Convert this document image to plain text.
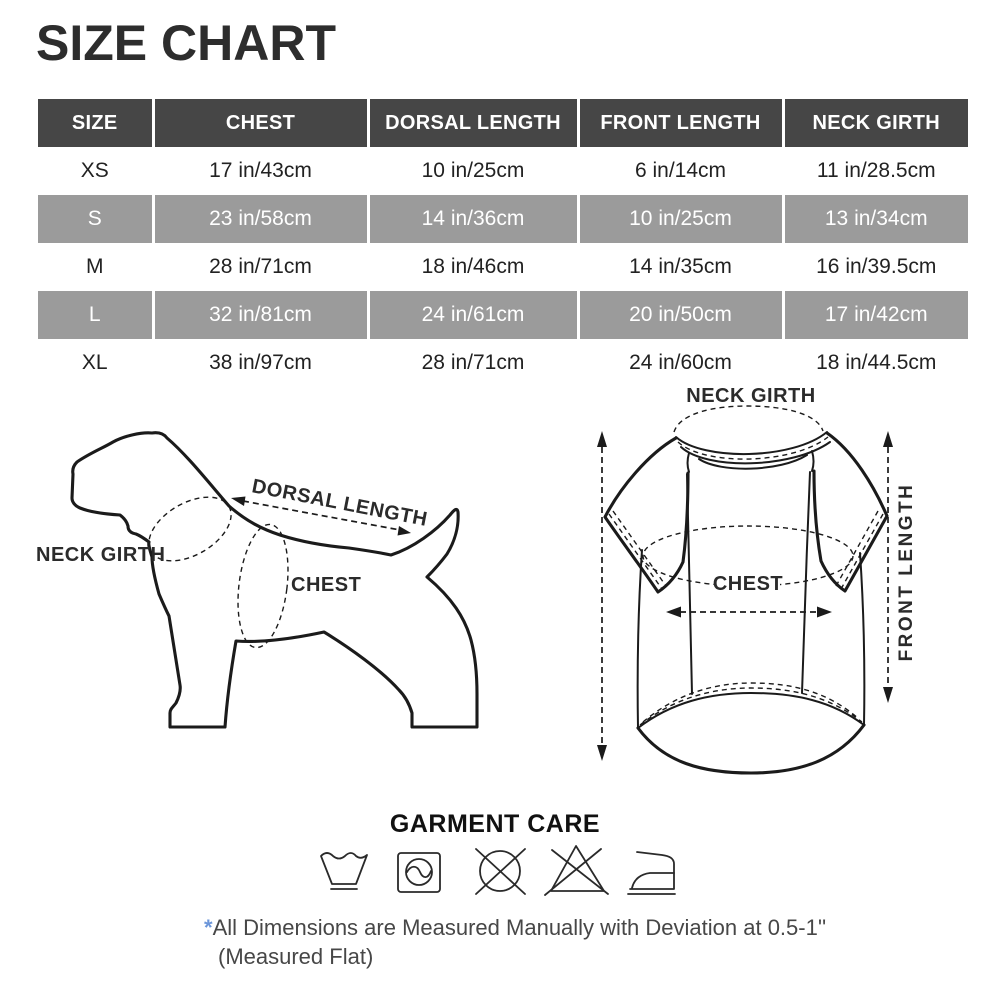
SIZE CHART
SIZE	CHEST	DORSAL LENGTH	FRONT LENGTH	NECK GIRTH
XS	17 in/43cm	10 in/25cm	6 in/14cm	11 in/28.5cm
S	23 in/58cm	14 in/36cm	10 in/25cm	13 in/34cm
M	28 in/71cm	18 in/46cm	14 in/35cm	16 in/39.5cm
L	32 in/81cm	24 in/61cm	20 in/50cm	17 in/42cm
XL	38 in/97cm	28 in/71cm	24 in/60cm	18 in/44.5cm
DORSAL LENGTH
NECK GIRTH
CHEST
NECK GIRTH
CHEST	FRONT LENGTH
GARMENT CARE
*All Dimensions are Measured Manually with Deviation at 0.5-1''
(Measured Flat)
